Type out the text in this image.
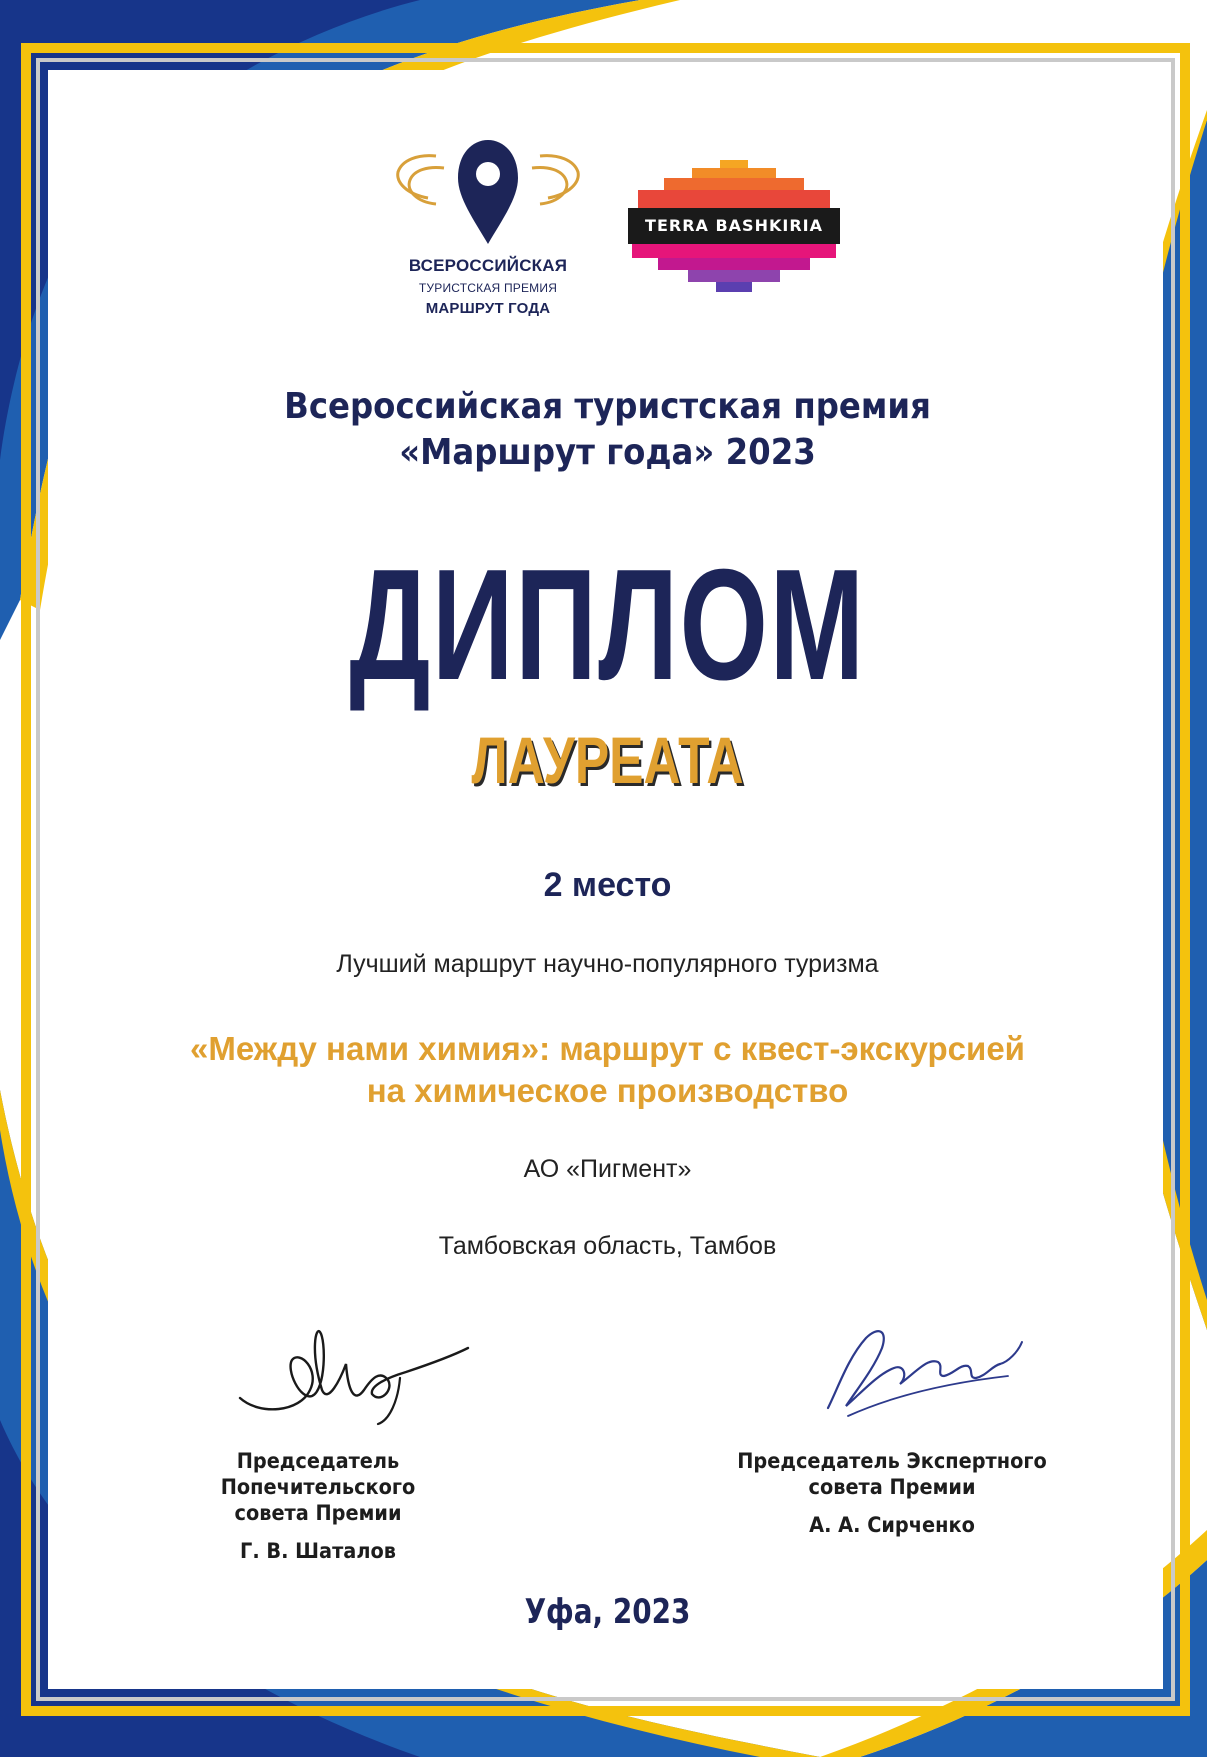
ВСЕРОССИЙСКАЯ
ТУРИСТСКАЯ ПРЕМИЯ
МАРШРУТ ГОДА
TERRA BASHKIRIA
Всероссийская туристская премия
«Маршрут года» 2023
ДИПЛОМ
ЛАУРЕАТА
2 место
Лучший маршрут научно-популярного туризма
«Между нами химия»: маршрут с квест-экскурсией
на химическое производство
АО «Пигмент»
Тамбовская область, Тамбов
Председатель Попечительского
совета Премии
Г. В. Шаталов
Председатель Экспертного
совета Премии
А. А. Сирченко
Уфа, 2023
